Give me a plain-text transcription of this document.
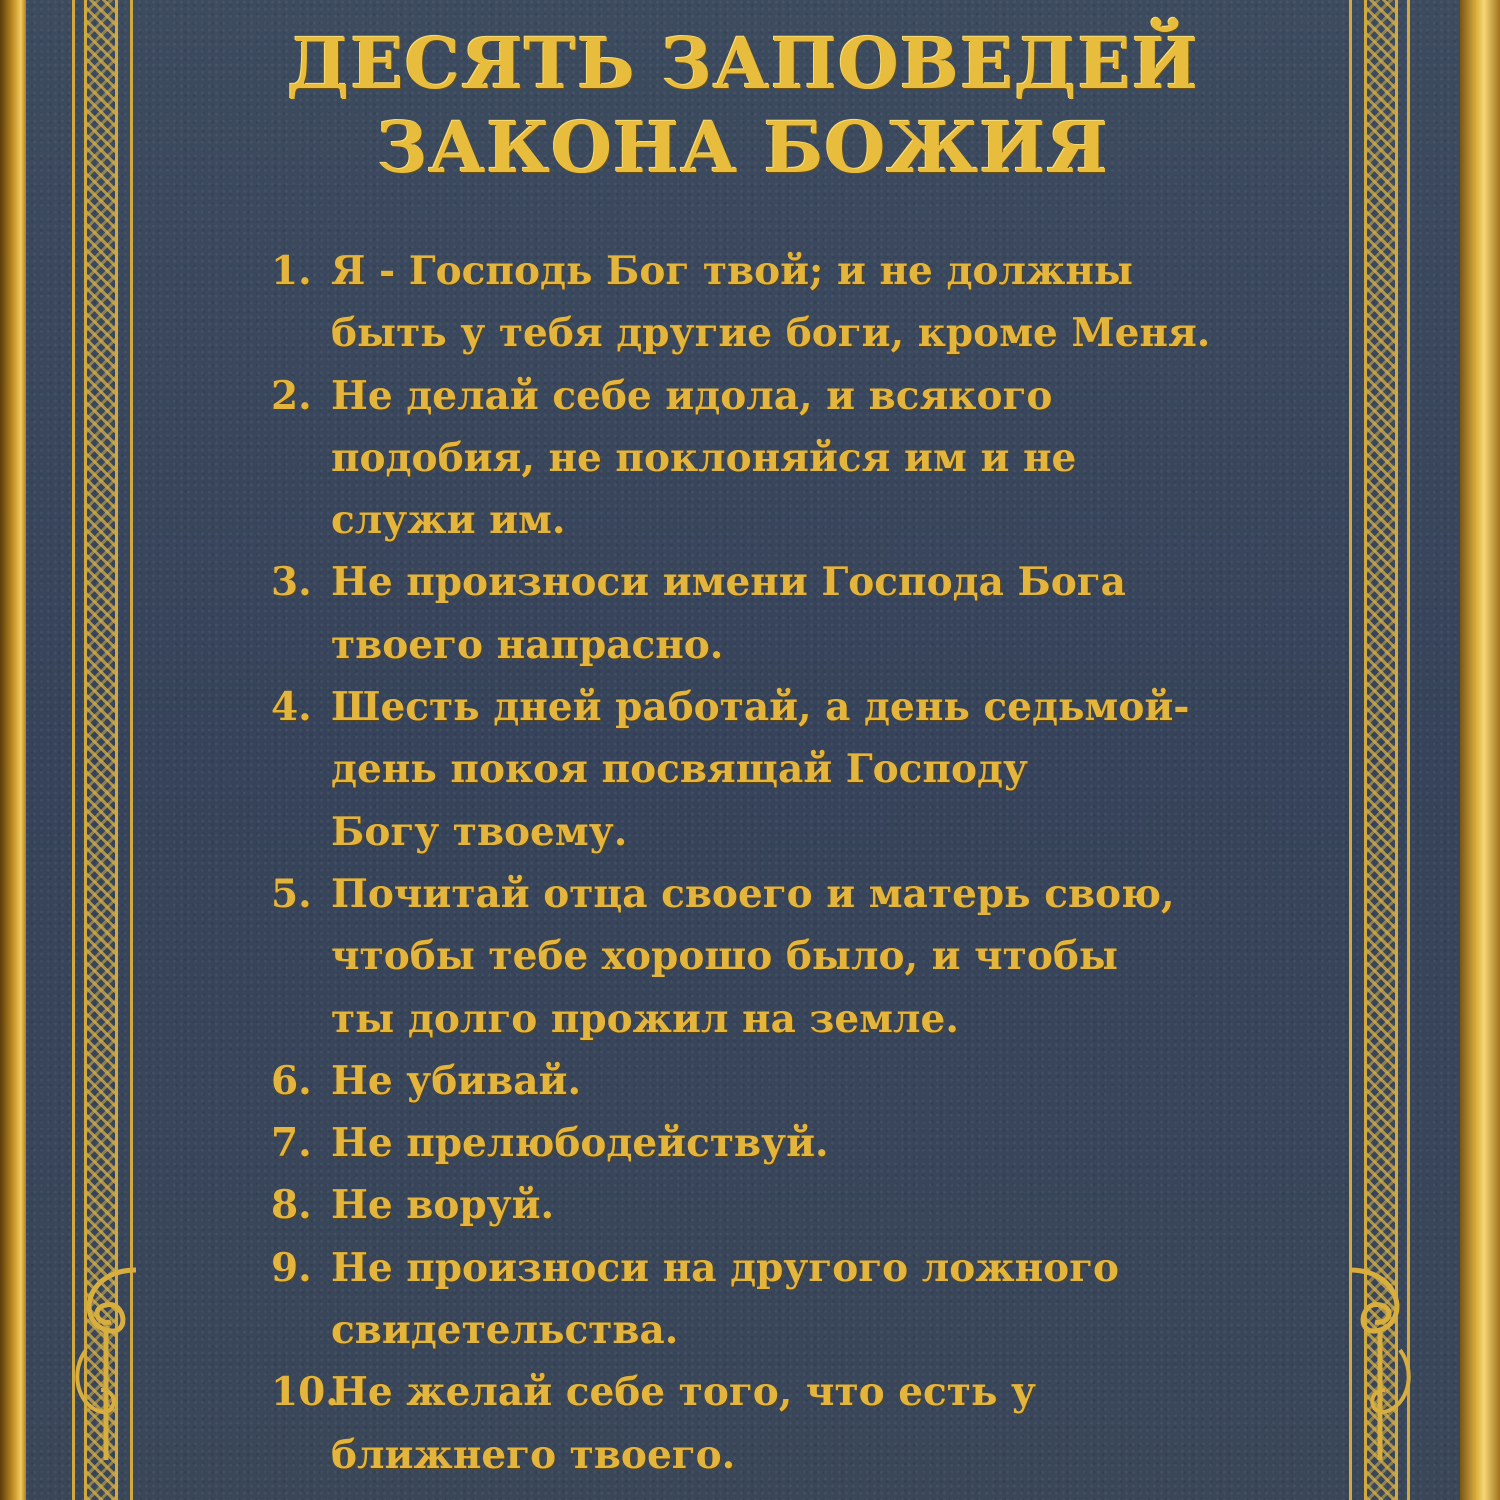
ДЕСЯТЬ ЗАПОВЕДЕЙ
ЗАКОНА БОЖИЯ
1. Я - Господь Бог твой; и не должны
быть у тебя другие боги, кроме Меня.
2. Не делай себе идола, и всякого
подобия, не поклоняйся им и не
служи им.
3. Не произноси имени Господа Бога
твоего напрасно.
4. Шесть дней работай, а день седьмой-
день покоя посвящай Господу
Богу твоему.
5. Почитай отца своего и матерь свою,
чтобы тебе хорошо было, и чтобы
ты долго прожил на земле.
6. Не убивай.
7. Не прелюбодействуй.
8. Не воруй.
9. Не произноси на другого ложного
свидетельства.
10.
Не желай себе того, что есть у
ближнего твоего.
